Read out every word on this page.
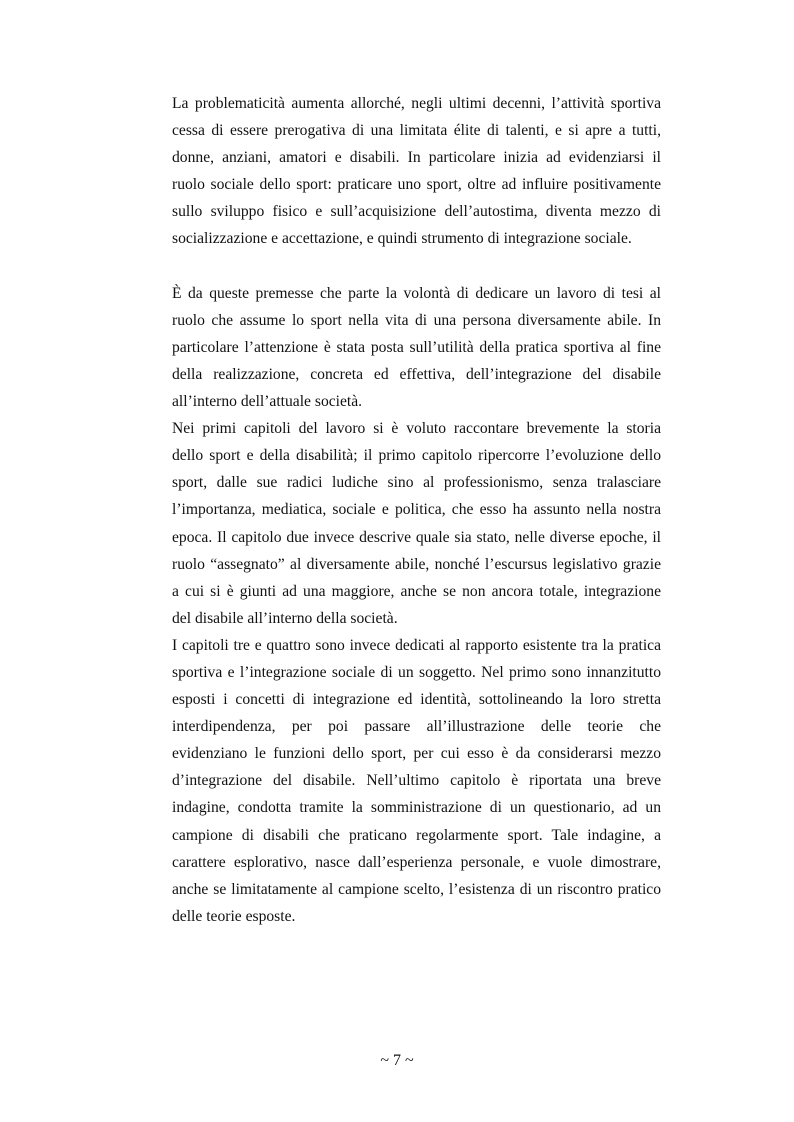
La problematicità aumenta allorché, negli ultimi decenni, l’attività sportiva
cessa di essere prerogativa di una limitata élite di talenti, e si apre a tutti,
donne, anziani, amatori e disabili. In particolare inizia ad evidenziarsi il
ruolo sociale dello sport: praticare uno sport, oltre ad influire positivamente
sullo sviluppo fisico e sull’acquisizione dell’autostima, diventa mezzo di
socializzazione e accettazione, e quindi strumento di integrazione sociale.
È da queste premesse che parte la volontà di dedicare un lavoro di tesi al
ruolo che assume lo sport nella vita di una persona diversamente abile. In
particolare l’attenzione è stata posta sull’utilità della pratica sportiva al fine
della realizzazione, concreta ed effettiva, dell’integrazione del disabile
all’interno dell’attuale società.
Nei primi capitoli del lavoro si è voluto raccontare brevemente la storia
dello sport e della disabilità; il primo capitolo ripercorre l’evoluzione dello
sport, dalle sue radici ludiche sino al professionismo, senza tralasciare
l’importanza, mediatica, sociale e politica, che esso ha assunto nella nostra
epoca. Il capitolo due invece descrive quale sia stato, nelle diverse epoche, il
ruolo “assegnato” al diversamente abile, nonché l’escursus legislativo grazie
a cui si è giunti ad una maggiore, anche se non ancora totale, integrazione
del disabile all’interno della società.
I capitoli tre e quattro sono invece dedicati al rapporto esistente tra la pratica
sportiva e l’integrazione sociale di un soggetto. Nel primo sono innanzitutto
esposti i concetti di integrazione ed identità, sottolineando la loro stretta
interdipendenza, per poi passare all’illustrazione delle teorie che
evidenziano le funzioni dello sport, per cui esso è da considerarsi mezzo
d’integrazione del disabile. Nell’ultimo capitolo è riportata una breve
indagine, condotta tramite la somministrazione di un questionario, ad un
campione di disabili che praticano regolarmente sport. Tale indagine, a
carattere esplorativo, nasce dall’esperienza personale, e vuole dimostrare,
anche se limitatamente al campione scelto, l’esistenza di un riscontro pratico
delle teorie esposte.
~ 7 ~
